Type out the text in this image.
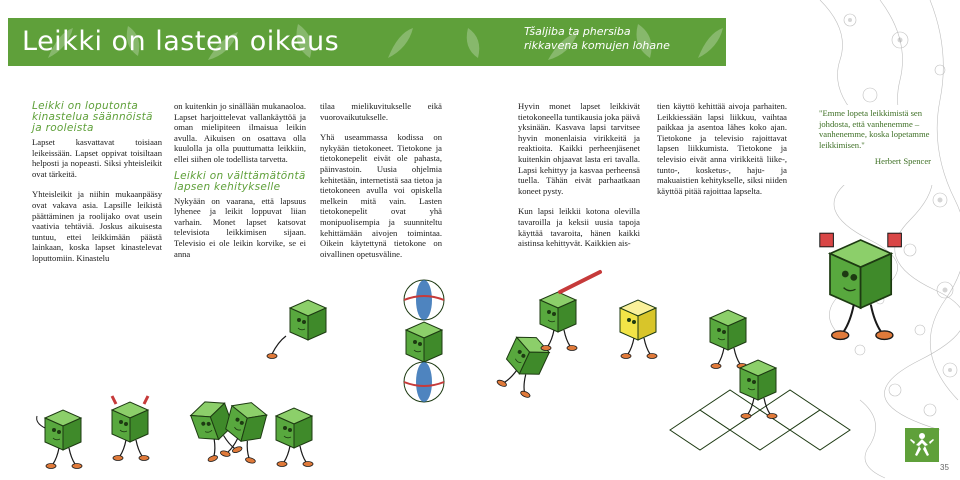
Leikki on lasten oikeus	Tšaljiba ta phersiba
rikkavena komujen lohane
Leikki on loputonta
kinastelua säännöistä
ja rooleista

Lapset kasvattavat toisiaan leikeissään. Lapset oppivat toisiltaan helposti ja nopeasti. Siksi yhteisleikit ovat tärkeitä.

Yhteisleikit ja niihin mukaanpääsy ovat vakava asia. Lapsille leikistä päättäminen ja roolijako ovat usein vaativia tehtäviä. Joskus aikuisesta tuntuu, ettei leikkimään päästä lainkaan, koska lapset kinastelevat loputtomiin. Kinastelu

on kuitenkin jo sinällään mukanaoloa. Lapset harjoittelevat vallankäyttöä ja oman mielipiteen ilmaisua leikin avulla. Aikuisen on osattava olla kuulolla ja olla puuttumatta leikkiin, ellei siihen ole todellista tarvetta.

Leikki on välttämätöntä
lapsen kehitykselle

Nykyään on vaarana, että lapsuus lyhenee ja leikit loppuvat liian varhain. Monet lapset katsovat televisiota leikkimisen sijaan. Televisio ei ole leikin korvike, se ei anna

tilaa mielikuvitukselle eikä vuorovaikutukselle.

Yhä useammassa kodissa on nykyään tietokoneet. Tietokone ja tietokonepelit eivät ole pahasta, päinvastoin. Uusia ohjelmia kehitetään, internetistä saa tietoa ja tietokoneen avulla voi opiskella melkein mitä vain. Lasten tietokonepelit ovat yhä monipuolisempia ja suunniteltu kehittämään aivojen toimintaa. Oikein käytettynä tietokone on oivallinen opetusväline.

Hyvin monet lapset leikkivät tietokoneella tuntikausia joka päivä yksinään. Kasvava lapsi tarvitsee hyvin monenlaisia virikkeitä ja reaktioita. Kaikki perheenjäsenet kuitenkin ohjaavat lasta eri tavalla. Lapsi kehittyy ja kasvaa perheensä tuella. Tähän eivät parhaatkaan koneet pysty.

Kun lapsi leikkii kotona olevilla tavaroilla ja keksii uusia tapoja käyttää tavaroita, hänen kaikki aistinsa kehittyvät. Kaikkien ais-

tien käyttö kehittää aivoja parhaiten. Leikkiessään lapsi liikkuu, vaihtaa paikkaa ja asentoa lähes koko ajan. Tietokone ja televisio rajoittavat lapsen liikkumista. Tietokone ja televisio eivät anna virikkeitä liike-, tunto-, kosketus-, haju- ja makuaistien kehitykselle, siksi niiden käyttöä pitää rajoittaa lapselta.

"Emme lopeta leikkimistä sen johdosta, että vanhenemme – vanhenemme, koska lopetamme leikkimisen."
Herbert Spencer
35
